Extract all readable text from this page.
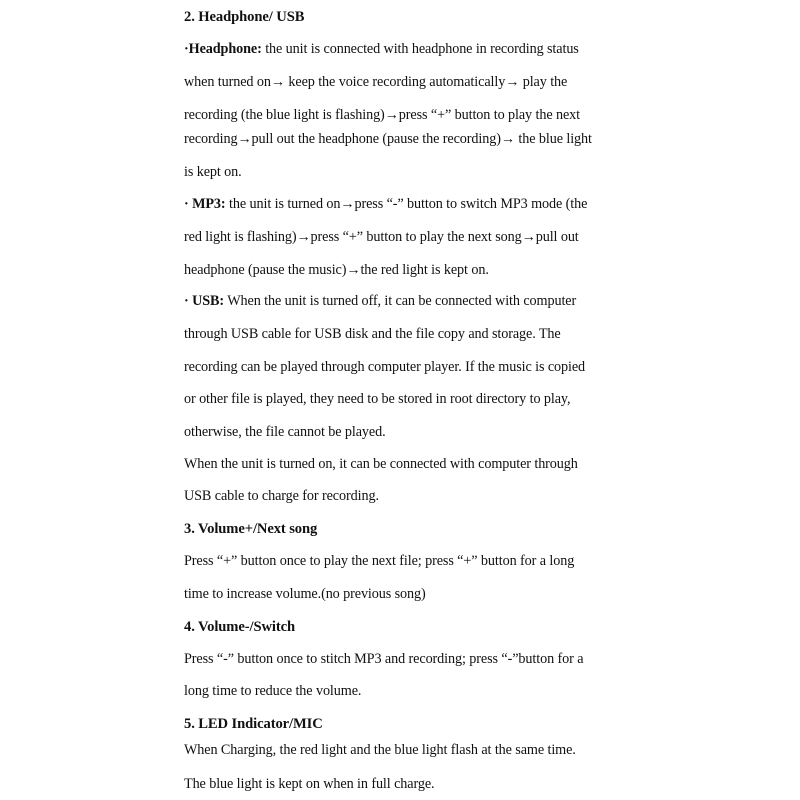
2. Headphone/ USB
·Headphone: the unit is connected with headphone in recording status
when turned on→ keep the voice recording automatically→ play the
recording (the blue light is flashing)→press “+” button to play the next
recording→pull out the headphone (pause the recording)→ the blue light
is kept on.
· MP3: the unit is turned on→press “-” button to switch MP3 mode (the
red light is flashing)→press “+” button to play the next song→pull out
headphone (pause the music)→the red light is kept on.
· USB: When the unit is turned off, it can be connected with computer
through USB cable for USB disk and the file copy and storage. The
recording can be played through computer player. If the music is copied
or other file is played, they need to be stored in root directory to play,
otherwise, the file cannot be played.
When the unit is turned on, it can be connected with computer through
USB cable to charge for recording.
3. Volume+/Next song
Press “+” button once to play the next file; press “+” button for a long
time to increase volume.(no previous song)
4. Volume-/Switch
Press “-” button once to stitch MP3 and recording; press “-”button for a
long time to reduce the volume.
5. LED Indicator/MIC
When Charging, the red light and the blue light flash at the same time.
The blue light is kept on when in full charge.
